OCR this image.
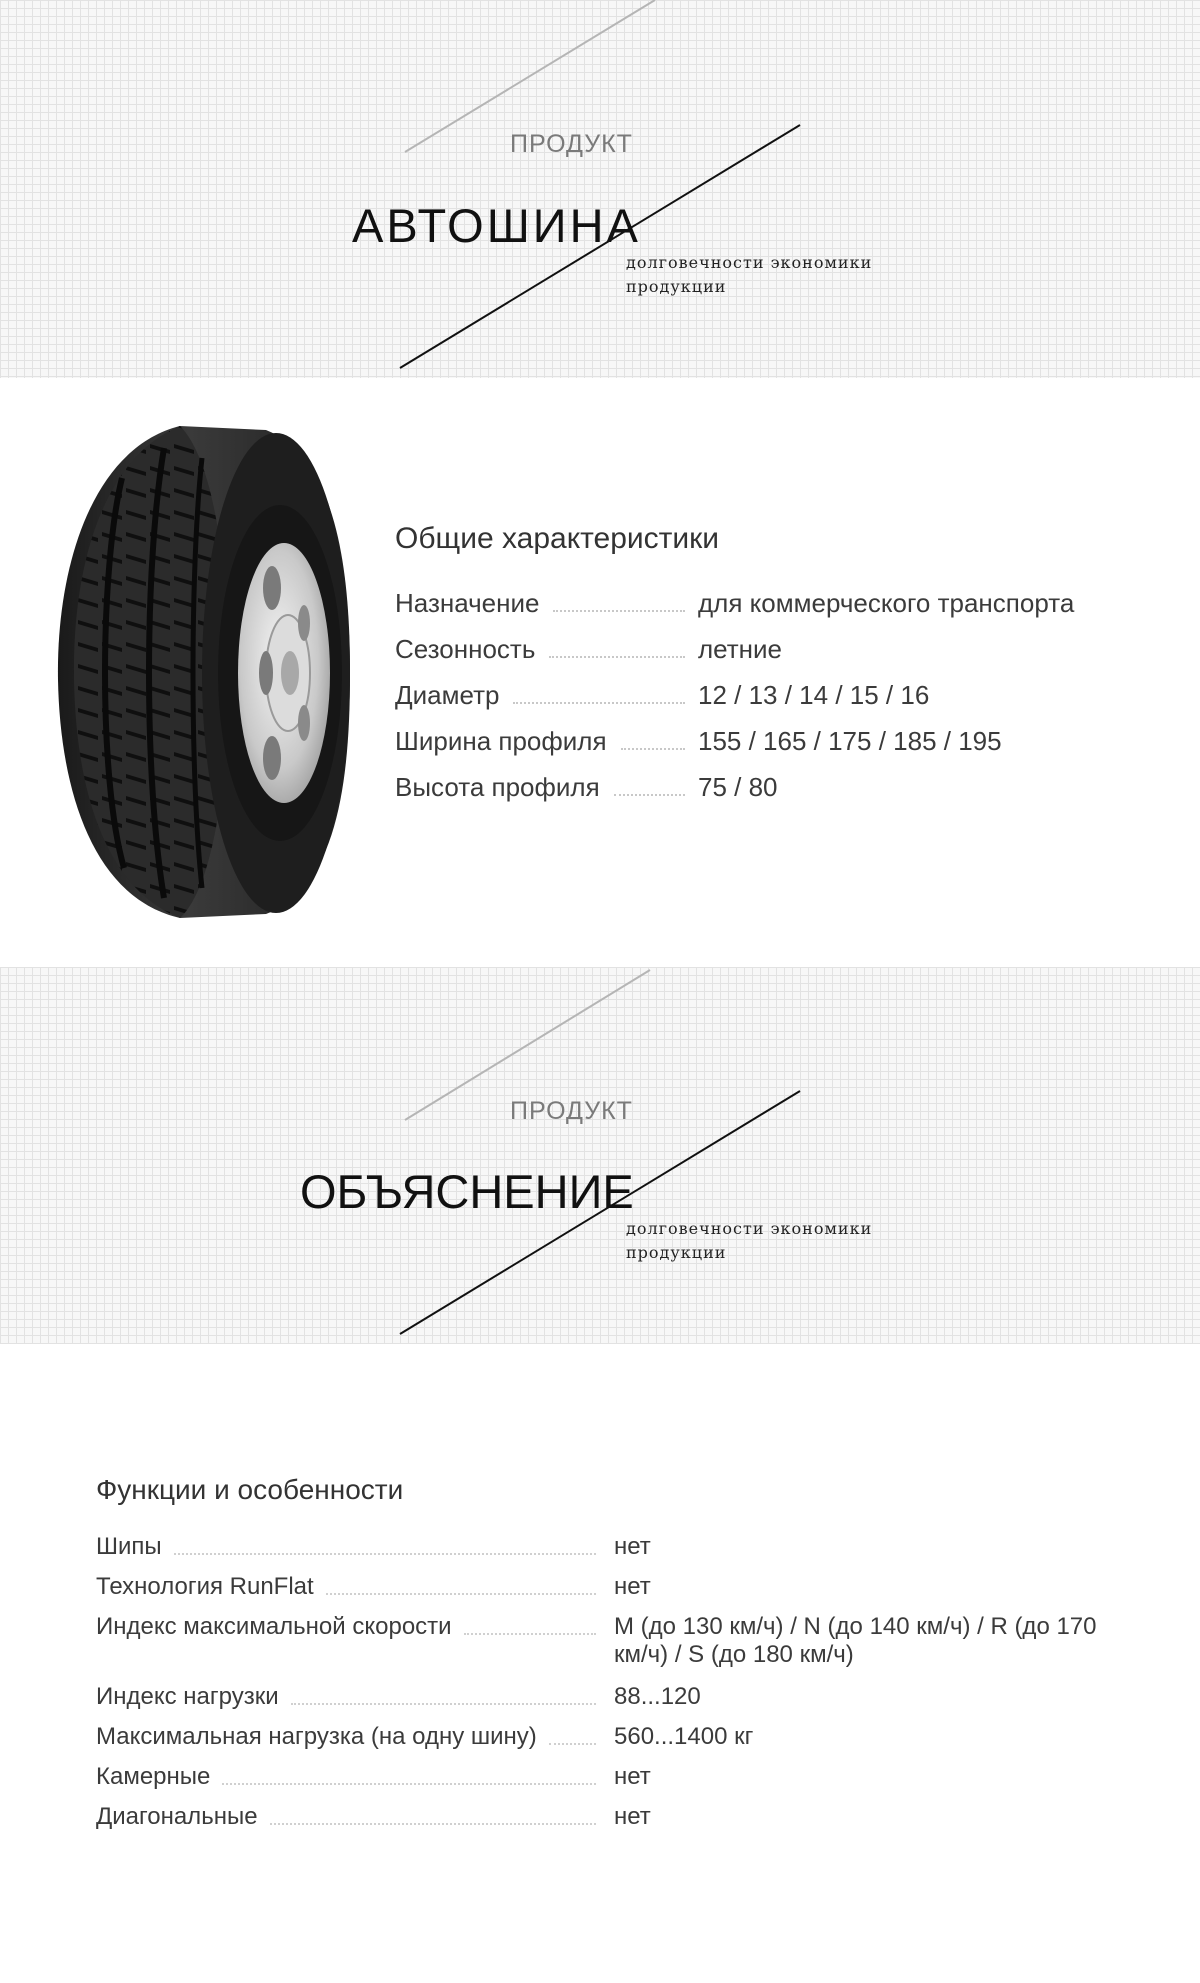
ПРОДУКТ
АВТОШИНА
долговечности экономики
продукции
Общие характеристики
Назначение	для коммерческого транспорта
Сезонность	летние
Диаметр	12 / 13 / 14 / 15 / 16
Ширина профиля	155 / 165 / 175 / 185 / 195
Высота профиля	75 / 80
ПРОДУКТ
ОБЪЯСНЕНИЕ
долговечности экономики
продукции
Функции и особенности
Шипы	нет
Технология RunFlat	нет
Индекс максимальной скорости	M (до 130 км/ч) / N (до 140 км/ч) / R (до 170 км/ч) / S (до 180 км/ч)
Индекс нагрузки	88...120
Максимальная нагрузка (на одну шину)	560...1400 кг
Камерные	нет
Диагональные	нет
